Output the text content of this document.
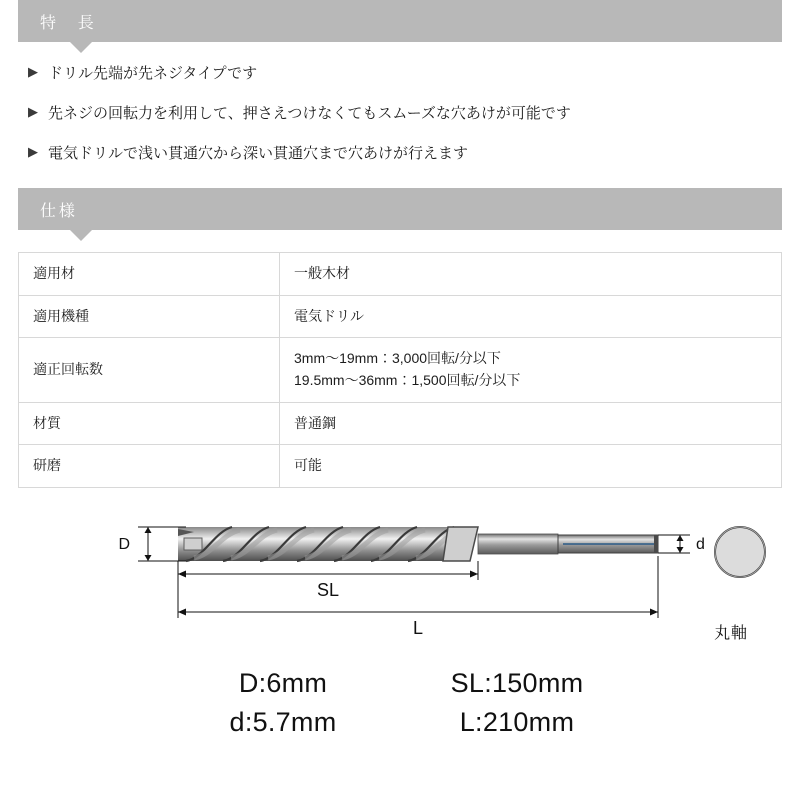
特　長
▶ ドリル先端が先ネジタイプです
▶ 先ネジの回転力を利用して、押さえつけなくてもスムーズな穴あけが可能です
▶ 電気ドリルで浅い貫通穴から深い貫通穴まで穴あけが行えます
仕様
適用材	一般木材

適用機種	電気ドリル

適正回転数	3mm〜19mm：3,000回転/分以下
19.5mm〜36mm：1,500回転/分以下

材質	普通鋼

研磨	可能
D	d
SL
L	丸軸
D:6mm	SL:150mm
d:5.7mm	L:210mm
